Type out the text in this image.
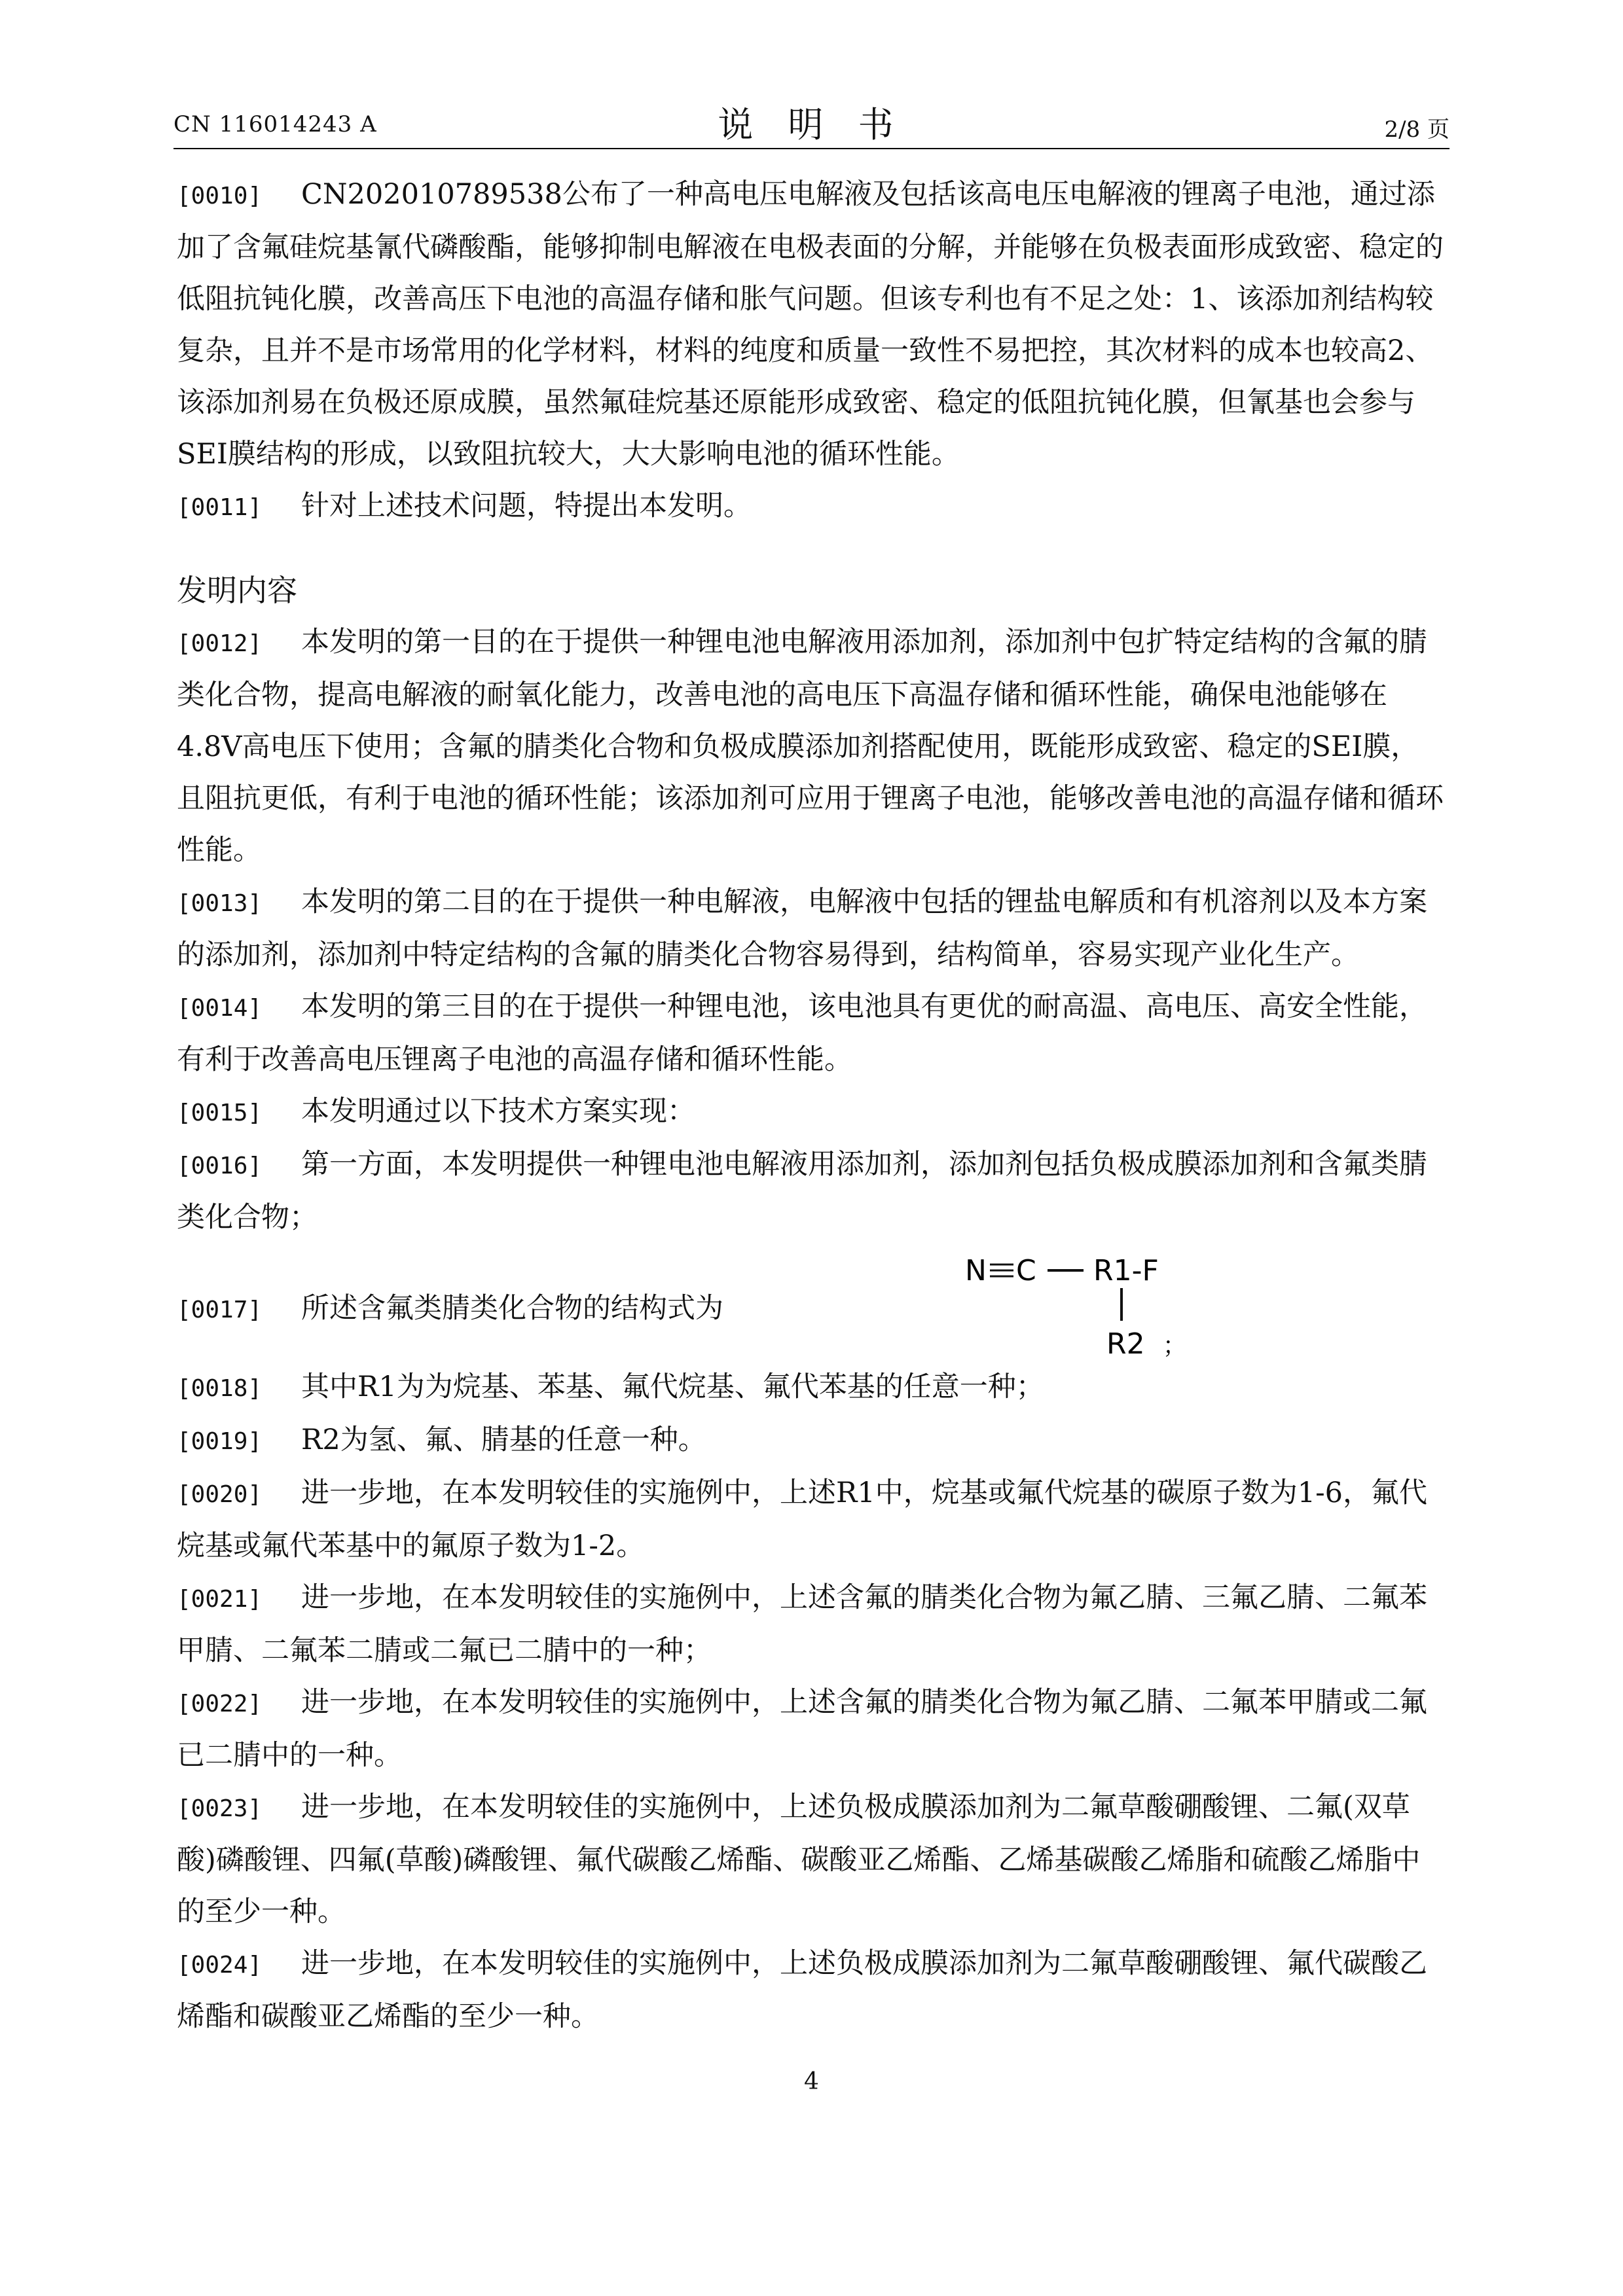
CN 116014243 A	说 明 书	2/8 页
[0010] CN202010789538公布了一种高电压电解液及包括该高电压电解液的锂离子电池，通过添加了含氟硅烷基氰代磷酸酯，能够抑制电解液在电极表面的分解，并能够在负极表面形成致密、稳定的低阻抗钝化膜，改善高压下电池的高温存储和胀气问题。但该专利也有不足之处：1、该添加剂结构较复杂，且并不是市场常用的化学材料，材料的纯度和质量一致性不易把控，其次材料的成本也较高2、该添加剂易在负极还原成膜，虽然氟硅烷基还原能形成致密、稳定的低阻抗钝化膜，但氰基也会参与SEI膜结构的形成，以致阻抗较大，大大影响电池的循环性能。
[0011] 针对上述技术问题，特提出本发明。
发明内容
[0012] 本发明的第一目的在于提供一种锂电池电解液用添加剂，添加剂中包扩特定结构的含氟的腈类化合物，提高电解液的耐氧化能力，改善电池的高电压下高温存储和循环性能，确保电池能够在4.8V高电压下使用；含氟的腈类化合物和负极成膜添加剂搭配使用，既能形成致密、稳定的SEI膜，且阻抗更低，有利于电池的循环性能；该添加剂可应用于锂离子电池，能够改善电池的高温存储和循环性能。
[0013] 本发明的第二目的在于提供一种电解液，电解液中包括的锂盐电解质和有机溶剂以及本方案的添加剂，添加剂中特定结构的含氟的腈类化合物容易得到，结构简单，容易实现产业化生产。
[0014] 本发明的第三目的在于提供一种锂电池，该电池具有更优的耐高温、高电压、高安全性能，有利于改善高电压锂离子电池的高温存储和循环性能。
[0015] 本发明通过以下技术方案实现：
[0016] 第一方面，本发明提供一种锂电池电解液用添加剂，添加剂包括负极成膜添加剂和含氟类腈类化合物；
[0017] 所述含氟类腈类化合物的结构式为
N C R1-F
R2 ；
[0018] 其中R1为为烷基、苯基、氟代烷基、氟代苯基的任意一种；
[0019] R2为氢、氟、腈基的任意一种。
[0020] 进一步地，在本发明较佳的实施例中，上述R1中，烷基或氟代烷基的碳原子数为1-6，氟代烷基或氟代苯基中的氟原子数为1-2。
[0021] 进一步地，在本发明较佳的实施例中，上述含氟的腈类化合物为氟乙腈、三氟乙腈、二氟苯甲腈、二氟苯二腈或二氟已二腈中的一种；
[0022] 进一步地，在本发明较佳的实施例中，上述含氟的腈类化合物为氟乙腈、二氟苯甲腈或二氟已二腈中的一种。
[0023] 进一步地，在本发明较佳的实施例中，上述负极成膜添加剂为二氟草酸硼酸锂、二氟(双草酸)磷酸锂、四氟(草酸)磷酸锂、氟代碳酸乙烯酯、碳酸亚乙烯酯、乙烯基碳酸乙烯脂和硫酸乙烯脂中的至少一种。
[0024] 进一步地，在本发明较佳的实施例中，上述负极成膜添加剂为二氟草酸硼酸锂、氟代碳酸乙烯酯和碳酸亚乙烯酯的至少一种。
4
